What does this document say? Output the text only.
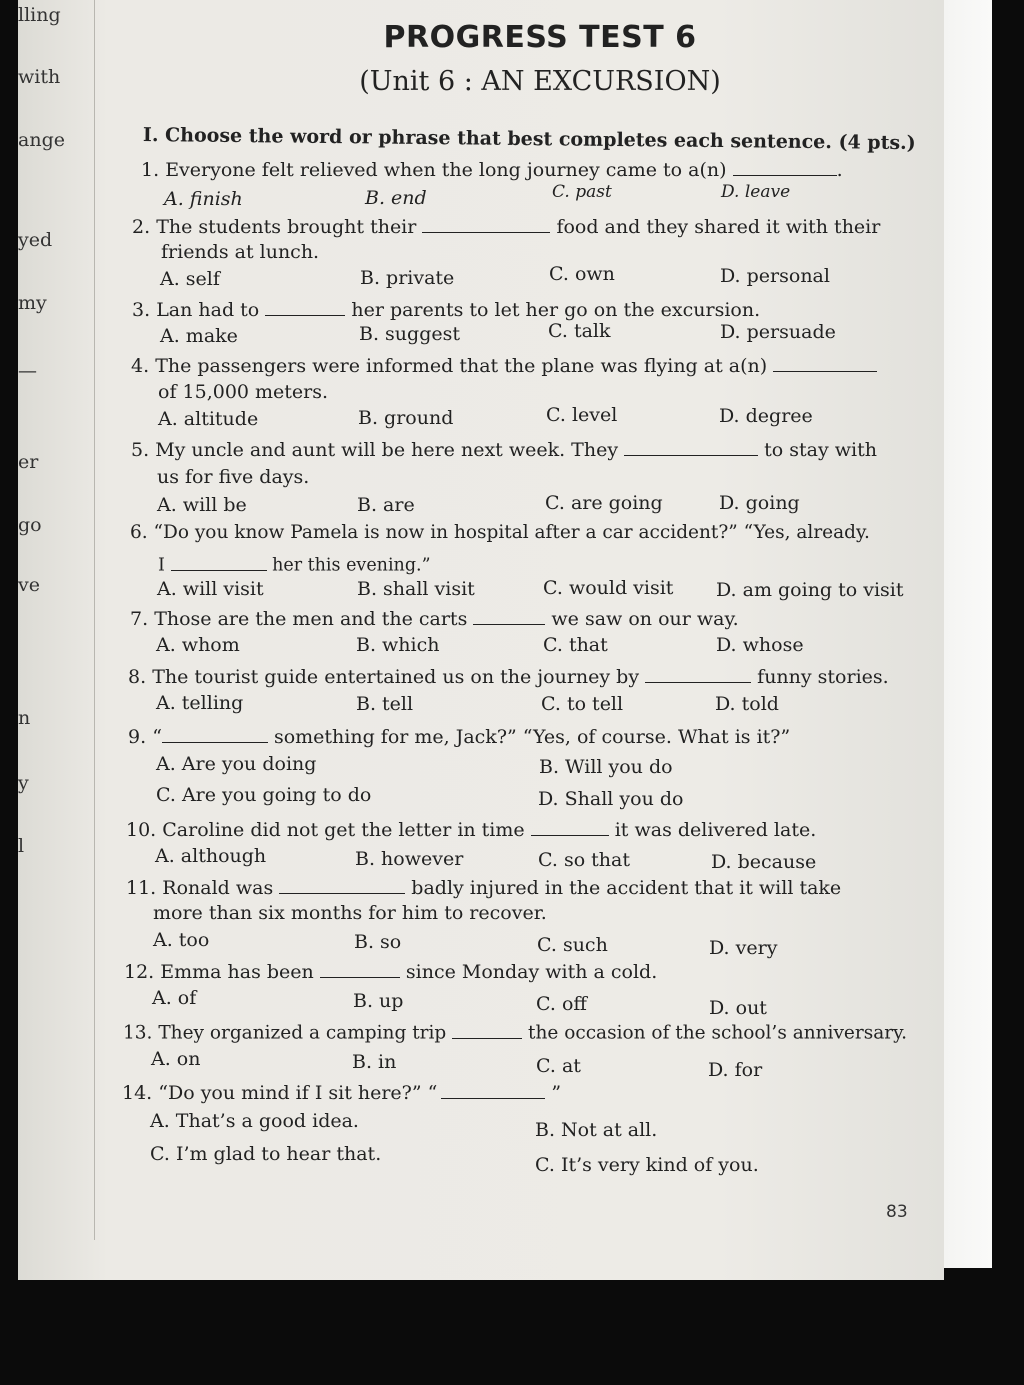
lling
with
ange
yed
my
—
er
go
ve
n
y
l
PROGRESS TEST 6
(Unit 6 : AN EXCURSION)
I. Choose the word or phrase that best completes each sentence. (4 pts.)
1. Everyone felt relieved when the long journey came to a(n)	.
A. finish	B. end	C. past	D. leave
2. The students brought their	food and they shared it with their
friends at lunch.
A. self	B. private	C. own	D. personal
3. Lan had to	her parents to let her go on the excursion.
A. make	B. suggest	C. talk	D. persuade
4. The passengers were informed that the plane was flying at a(n)
of 15,000 meters.
A. altitude	B. ground	C. level	D. degree
5. My uncle and aunt will be here next week. They	to stay with
us for five days.
A. will be	B. are	C. are going	D. going
6. “Do you know Pamela is now in hospital after a car accident?” “Yes, already.
I	her this evening.”
A. will visit	B. shall visit	C. would visit D. am going to visit
7. Those are the men and the carts	we saw on our way.
A. whom	B. which	C. that	D. whose
8. The tourist guide entertained us on the journey by	funny stories.
A. telling	B. tell	C. to tell	D. told
9. “	something for me, Jack?” “Yes, of course. What is it?”
A. Are you doing	B. Will you do
C. Are you going to do	D. Shall you do
10. Caroline did not get the letter in time	it was delivered late.
A. although	B. however	C. so that	D. because
11. Ronald was	badly injured in the accident that it will take
more than six months for him to recover.
A. too	B. so	C. such	D. very
12. Emma has been	since Monday with a cold.
A. of	B. up	C. off	D. out
13. They organized a camping trip	the occasion of the school’s anniversary.
A. on	B. in	C. at	D. for
14. “Do you mind if I sit here?” “	”
A. That’s a good idea.	B. Not at all.
C. I’m glad to hear that.	C. It’s very kind of you.
83
